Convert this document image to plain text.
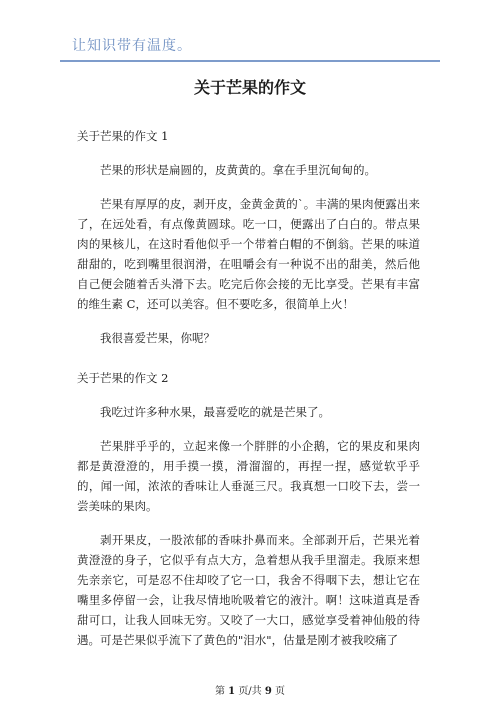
让知识带有温度。
关于芒果的作文
关于芒果的作文 1

芒果的形状是扁圆的，皮黄黄的。拿在手里沉甸甸的。

芒果有厚厚的皮，剥开皮，金黄金黄的`。丰满的果肉便露出来了，在远处看，有点像黄圆球。吃一口，便露出了白白的。带点果肉的果核儿，在这时看他似乎一个带着白帽的不倒翁。芒果的味道甜甜的，吃到嘴里很润滑，在咀嚼会有一种说不出的甜美，然后他自己便会随着舌头滑下去。吃完后你会接的无比享受。芒果有丰富的维生素 C，还可以美容。但不要吃多，很简单上火！

我很喜爱芒果，你呢？

关于芒果的作文 2

我吃过许多种水果，最喜爱吃的就是芒果了。

芒果胖乎乎的，立起来像一个胖胖的小企鹅，它的果皮和果肉都是黄澄澄的，用手摸一摸，滑溜溜的，再捏一捏，感觉软乎乎的，闻一闻，浓浓的香味让人垂涎三尺。我真想一口咬下去，尝一尝美味的果肉。

剥开果皮，一股浓郁的香味扑鼻而来。全部剥开后，芒果光着黄澄澄的身子，它似乎有点大方，急着想从我手里溜走。我原来想先亲亲它，可是忍不住却咬了它一口，我舍不得咽下去，想让它在嘴里多停留一会，让我尽情地吮吸着它的液汁。啊！这味道真是香甜可口，让我人回味无穷。又咬了一大口，感觉享受着神仙般的待遇。可是芒果似乎流下了黄色的"泪水"，估量是刚才被我咬痛了

第 1 页/共 9 页
